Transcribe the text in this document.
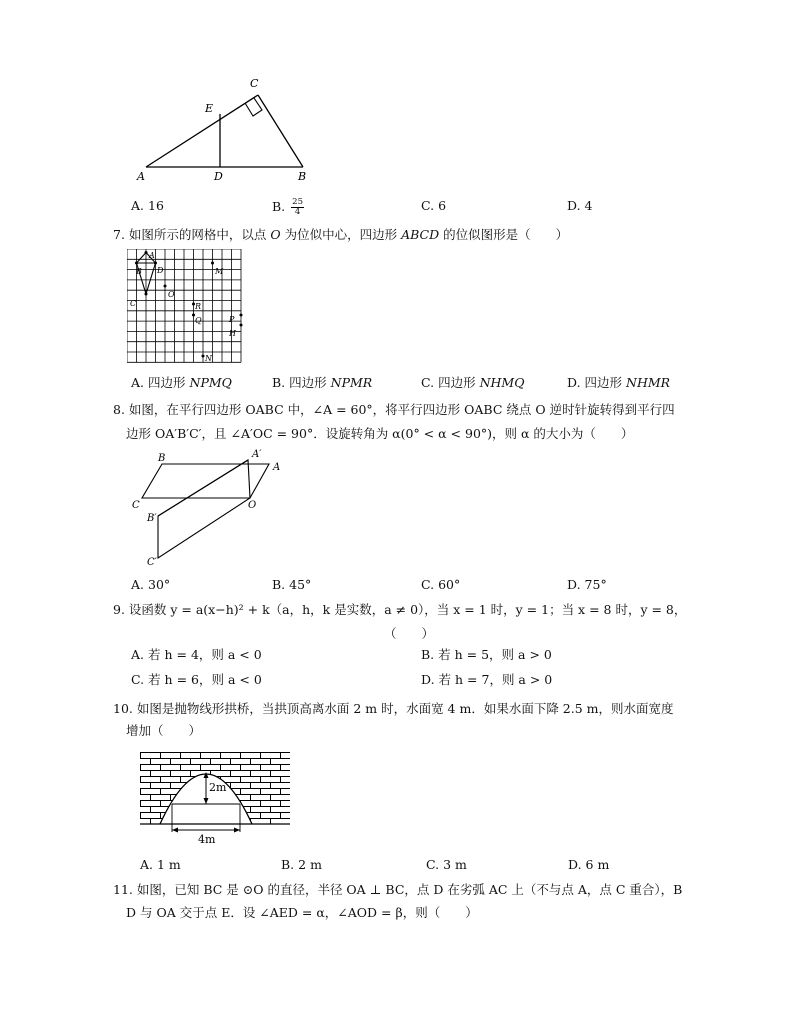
A	D	B
E
C
A. 16	B. $\frac{25}{4}$	C. 6	D. 4
7. 如图所示的网格中，以点 O 为位似中心，四边形 ABCD 的位似图形是（　　）
A
B D
C
O
M
R
Q	P
H
N
A. 四边形 NPMQ	B. 四边形 NPMR	C. 四边形 NHMQ	D. 四边形 NHMR
8. 如图，在平行四边形 OABC 中，∠A = 60°，将平行四边形 OABC 绕点 O 逆时针旋转得到平行四
边形 OA′B′C′，且 ∠A′OC = 90°．设旋转角为 α(0° < α < 90°)，则 α 的大小为（　　）
B
A
A′
C	O
B′
C′
A. 30°	B. 45°	C. 60°	D. 75°
9. 设函数 y = a(x−h)² + k（a，h，k 是实数，a ≠ 0），当 x = 1 时，y = 1；当 x = 8 时，y = 8，
（　　）
A. 若 h = 4，则 a < 0	B. 若 h = 5，则 a > 0
C. 若 h = 6，则 a < 0	D. 若 h = 7，则 a > 0
10. 如图是抛物线形拱桥，当拱顶高离水面 2 m 时，水面宽 4 m．如果水面下降 2.5 m，则水面宽度
增加（　　）
2m
4m
A. 1 m	B. 2 m	C. 3 m	D. 6 m
11. 如图，已知 BC 是 ⊙O 的直径，半径 OA ⊥ BC，点 D 在劣弧 AC 上（不与点 A，点 C 重合），B
D 与 OA 交于点 E．设 ∠AED = α，∠AOD = β，则（　　）
